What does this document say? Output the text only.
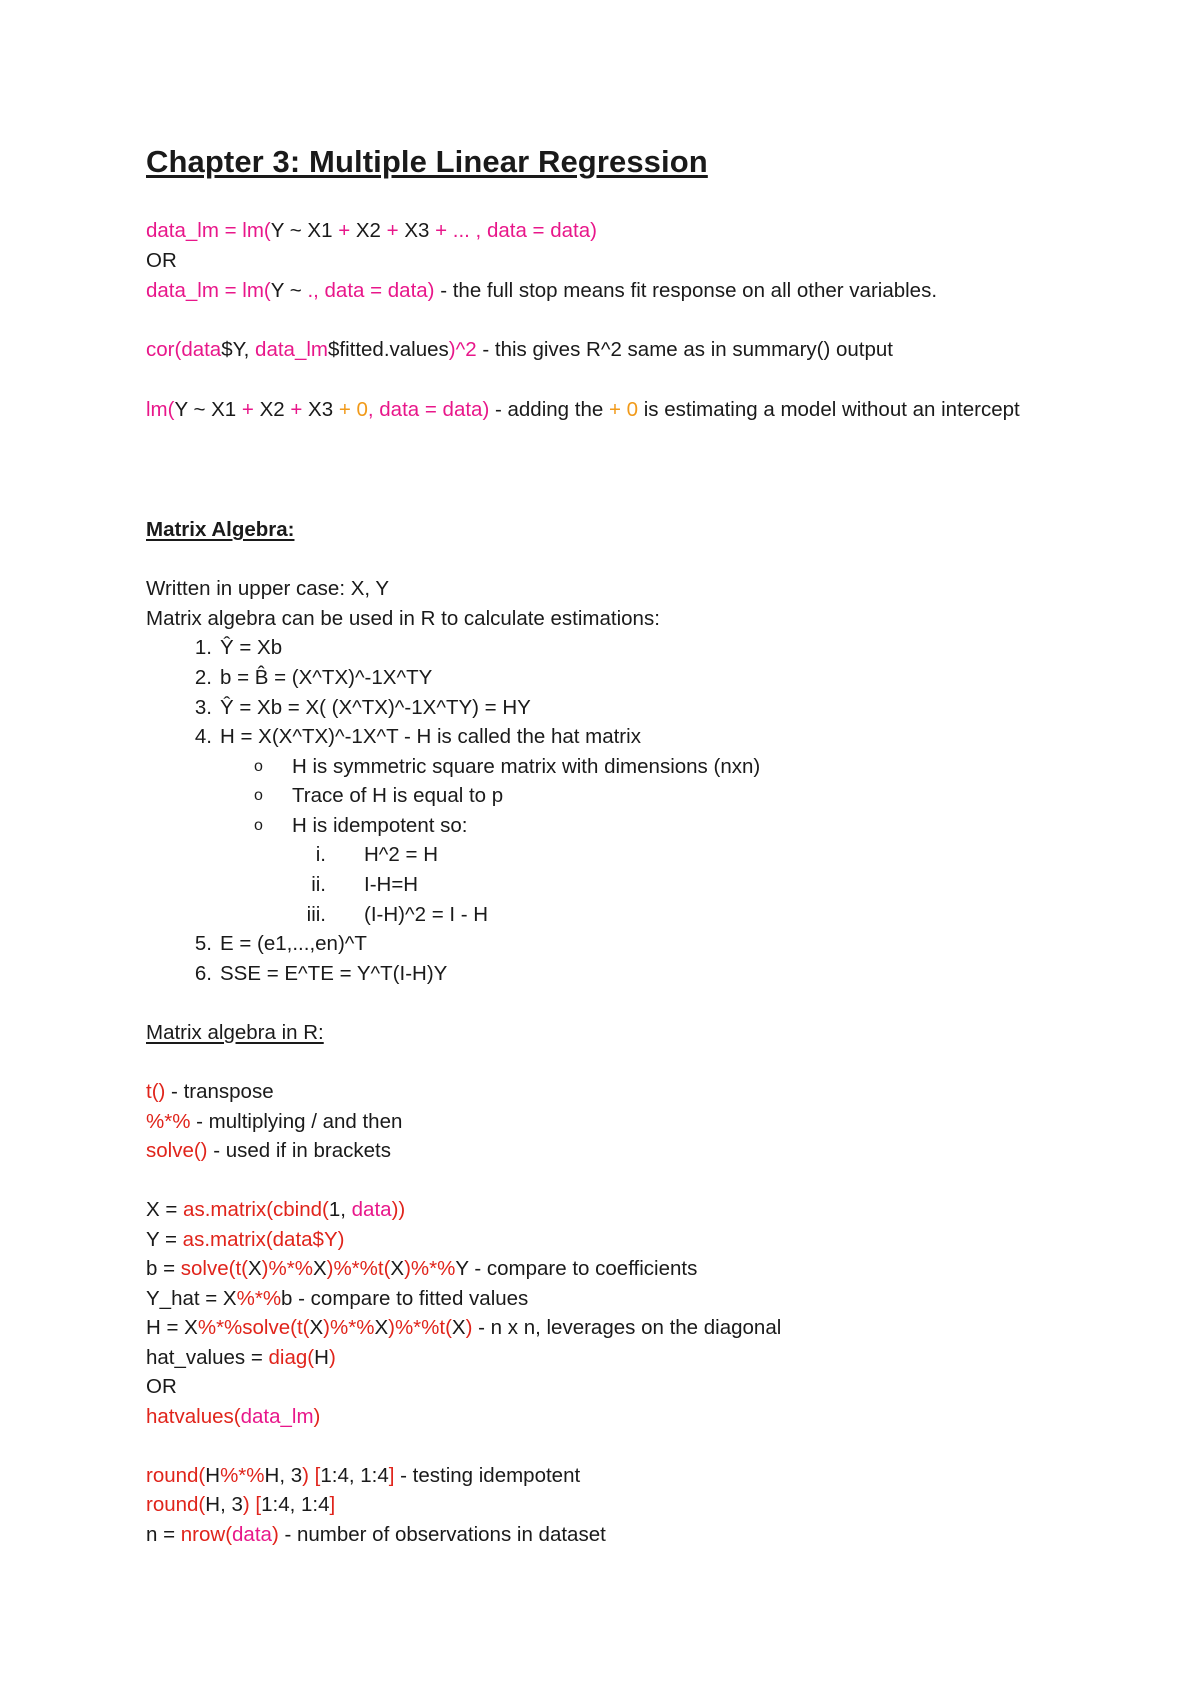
Chapter 3: Multiple Linear Regression
data_lm = lm(Y ~ X1 + X2 + X3 + ... , data = data)
OR
data_lm = lm(Y ~ ., data = data) - the full stop means fit response on all other variables.
cor(data$Y, data_lm$fitted.values)^2 - this gives R^2 same as in summary() output
lm(Y ~ X1 + X2 + X3 + 0, data = data) - adding the + 0 is estimating a model without an intercept
Matrix Algebra:
Written in upper case: X, Y
Matrix algebra can be used in R to calculate estimations:
1. Ŷ = Xb
2. b = B̂ = (X^TX)^-1X^TY
3. Ŷ = Xb = X( (X^TX)^-1X^TY) = HY
4. H = X(X^TX)^-1X^T - H is called the hat matrix
o H is symmetric square matrix with dimensions (nxn)
o Trace of H is equal to p
o H is idempotent so:
i. H^2 = H
ii. I-H=H
iii. (I-H)^2 = I - H
5. E = (e1,...,en)^T
6. SSE = E^TE = Y^T(I-H)Y
Matrix algebra in R:
t() - transpose
%*% - multiplying / and then
solve() - used if in brackets
X = as.matrix(cbind(1, data))
Y = as.matrix(data$Y)
b = solve(t(X)%*%X)%*%t(X)%*%Y - compare to coefficients
Y_hat = X%*%b - compare to fitted values
H = X%*%solve(t(X)%*%X)%*%t(X) - n x n, leverages on the diagonal
hat_values = diag(H)
OR
hatvalues(data_lm)
round(H%*%H, 3) [1:4, 1:4] - testing idempotent
round(H, 3) [1:4, 1:4]
n = nrow(data) - number of observations in dataset
